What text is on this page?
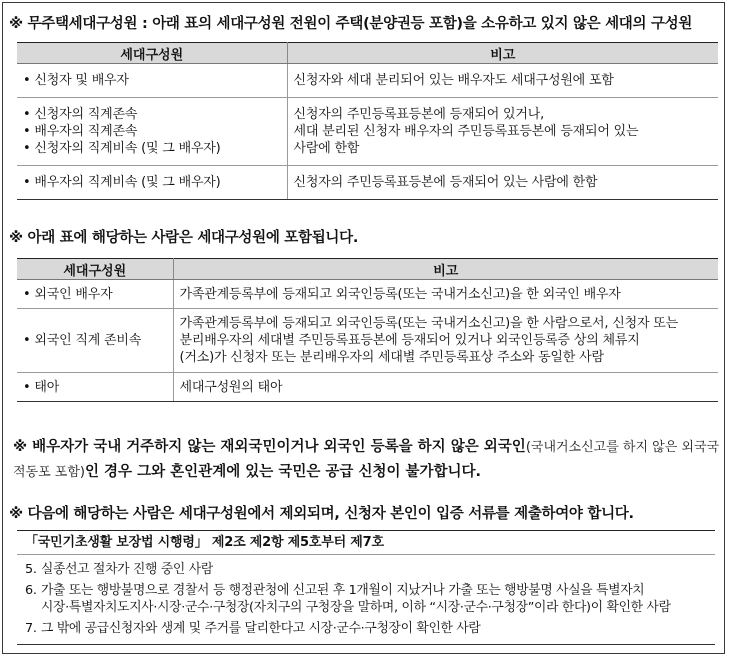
※ 무주택세대구성원 : 아래 표의 세대구성원 전원이 주택(분양권등 포함)을 소유하고 있지 않은 세대의 구성원
세대구성원	비고

• 신청자 및 배우자	신청자와 세대 분리되어 있는 배우자도 세대구성원에 포함

• 신청자의 직계존속
• 배우자의 직계존속
• 신청자의 직계비속 (및 그 배우자)	신청자의 주민등록표등본에 등재되어 있거나,
세대 분리된 신청자 배우자의 주민등록표등본에 등재되어 있는
사람에 한함

• 배우자의 직계비속 (및 그 배우자)	신청자의 주민등록표등본에 등재되어 있는 사람에 한함
※ 아래 표에 해당하는 사람은 세대구성원에 포함됩니다.
세대구성원	비고

• 외국인 배우자	가족관계등록부에 등재되고 외국인등록(또는 국내거소신고)을 한 외국인 배우자

• 외국인 직계 존비속	가족관계등록부에 등재되고 외국인등록(또는 국내거소신고)을 한 사람으로서, 신청자 또는
분리배우자의 세대별 주민등록표등본에 등재되어 있거나 외국인등록증 상의 체류지
(거소)가 신청자 또는 분리배우자의 세대별 주민등록표상 주소와 동일한 사람

• 태아	세대구성원의 태아
※ 배우자가 국내 거주하지 않는 재외국민이거나 외국인 등록을 하지 않은 외국인(국내거소신고를 하지 않은 외국국적동포 포함)인 경우 그와 혼인관계에 있는 국민은 공급 신청이 불가합니다.
※ 다음에 해당하는 사람은 세대구성원에서 제외되며, 신청자 본인이 입증 서류를 제출하여야 합니다.
「국민기초생활 보장법 시행령」 제2조 제2항 제5호부터 제7호
5. 실종선고 절차가 진행 중인 사람
6. 가출 또는 행방불명으로 경찰서 등 행정관청에 신고된 후 1개월이 지났거나 가출 또는 행방불명 사실을 특별자치
시장·특별자치도지사·시장·군수·구청장(자치구의 구청장을 말하며, 이하 “시장·군수·구청장”이라 한다)이 확인한 사람
7. 그 밖에 공급신청자와 생계 및 주거를 달리한다고 시장·군수·구청장이 확인한 사람
